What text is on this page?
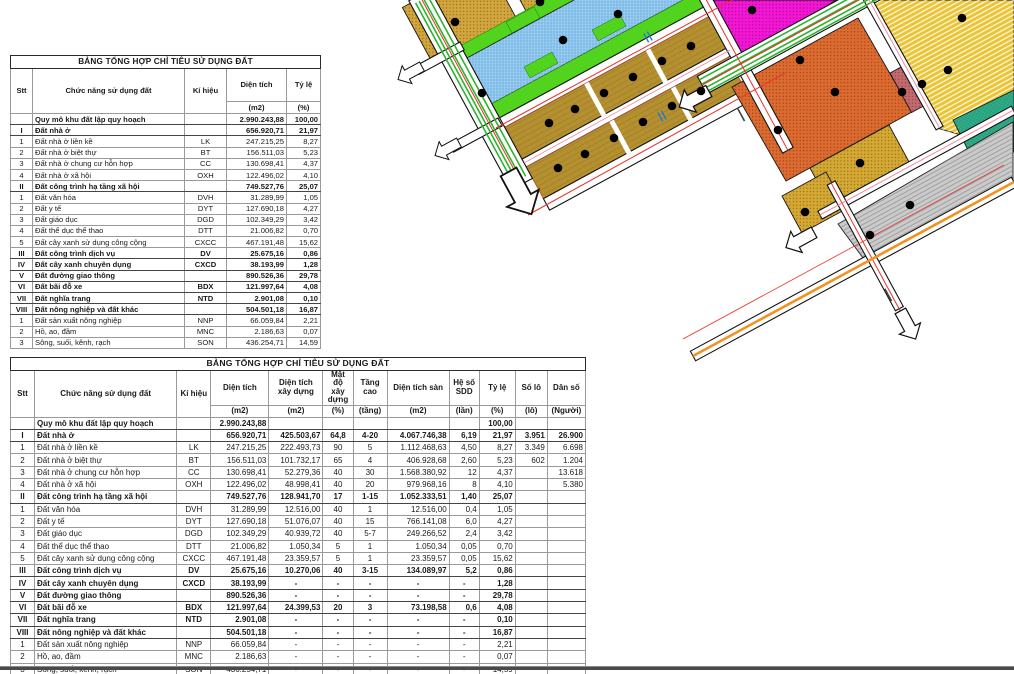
BẢNG TỔNG HỢP CHỈ TIÊU SỬ DỤNG ĐẤT				
Stt	Chức năng sử dụng đất	Kí hiệu	Diện tích	Tỷ lệ
			(m2)	(%)
	Quy mô khu đất lập quy hoạch		2.990.243,88	100,00
I	Đất nhà ở		656.920,71	21,97
1	Đất nhà ở liền kề	LK	247.215,25	8,27
2	Đất nhà ở biệt thự	BT	156.511,03	5,23
3	Đất nhà ở chung cư hỗn hợp	CC	130.698,41	4,37
4	Đất nhà ở xã hội	OXH	122.496,02	4,10
II	Đất công trình hạ tầng xã hội		749.527,76	25,07
1	Đất văn hóa	DVH	31.289,99	1,05
2	Đất y tế	DYT	127.690,18	4,27
3	Đất giáo dục	DGD	102.349,29	3,42
4	Đất thể dục thể thao	DTT	21.006,82	0,70
5	Đất cây xanh sử dụng công cộng	CXCC	467.191,48	15,62
III	Đất công trình dịch vụ	DV	25.675,16	0,86
IV	Đất cây xanh chuyên dụng	CXCD	38.193,99	1,28
V	Đất đường giao thông		890.526,36	29,78
VI	Đất bãi đỗ xe	BDX	121.997,64	4,08
VII	Đất nghĩa trang	NTD	2.901,08	0,10
VIII	Đất nông nghiệp và đất khác		504.501,18	16,87
1	Đất sản xuất nông nghiệp	NNP	66.059,84	2,21
2	Hồ, ao, đầm	MNC	2.186,63	0,07
3	Sông, suối, kênh, rạch	SON	436.254,71	14,59
BẢNG TỔNG HỢP CHỈ TIÊU SỬ DỤNG ĐẤT											
Stt	Chức năng sử dụng đất	Kí hiệu	Diện tích	Diện tích xây dựng	Mật độ xây dựng	Tầng cao	Diện tích sàn	Hệ số SDD	Tỷ lệ	Số lô	Dân số
			(m2)	(m2)	(%)	(tầng)	(m2)	(lần)	(%)	(lô)	(Người)
	Quy mô khu đất lập quy hoạch		2.990.243,88						100,00		
I	Đất nhà ở		656.920,71	425.503,67	64,8	4-20	4.067.746,38	6,19	21,97	3.951	26.900
1	Đất nhà ở liền kề	LK	247.215,25	222.493,73	90	5	1.112.468,63	4,50	8,27	3.349	6.698
2	Đất nhà ở biệt thự	BT	156.511,03	101.732,17	65	4	406.928,68	2,60	5,23	602	1.204
3	Đất nhà ở chung cư hỗn hợp	CC	130.698,41	52.279,36	40	30	1.568.380,92	12	4,37		13.618
4	Đất nhà ở xã hội	OXH	122.496,02	48.998,41	40	20	979.968,16	8	4,10		5.380
II	Đất công trình hạ tầng xã hội		749.527,76	128.941,70	17	1-15	1.052.333,51	1,40	25,07		
1	Đất văn hóa	DVH	31.289,99	12.516,00	40	1	12.516,00	0,4	1,05		
2	Đất y tế	DYT	127.690,18	51.076,07	40	15	766.141,08	6,0	4,27		
3	Đất giáo dục	DGD	102.349,29	40.939,72	40	5-7	249.266,52	2,4	3,42		
4	Đất thể dục thể thao	DTT	21.006,82	1.050,34	5	1	1.050,34	0,05	0,70		
5	Đất cây xanh sử dụng công cộng	CXCC	467.191,48	23.359,57	5	1	23.359,57	0,05	15,62		
III	Đất công trình dịch vụ	DV	25.675,16	10.270,06	40	3-15	134.089,97	5,2	0,86		
IV	Đất cây xanh chuyên dụng	CXCD	38.193,99	-	-	-	-	-	1,28		
V	Đất đường giao thông		890.526,36	-	-	-	-	-	29,78		
VI	Đất bãi đỗ xe	BDX	121.997,64	24.399,53	20	3	73.198,58	0,6	4,08		
VII	Đất nghĩa trang	NTD	2.901,08	-	-	-	-	-	0,10		
VIII	Đất nông nghiệp và đất khác		504.501,18	-	-	-	-	-	16,87		
1	Đất sản xuất nông nghiệp	NNP	66.059,84	-	-	-	-	-	2,21		
2	Hồ, ao, đầm	MNC	2.186,63	-	-	-	-	-	0,07		
